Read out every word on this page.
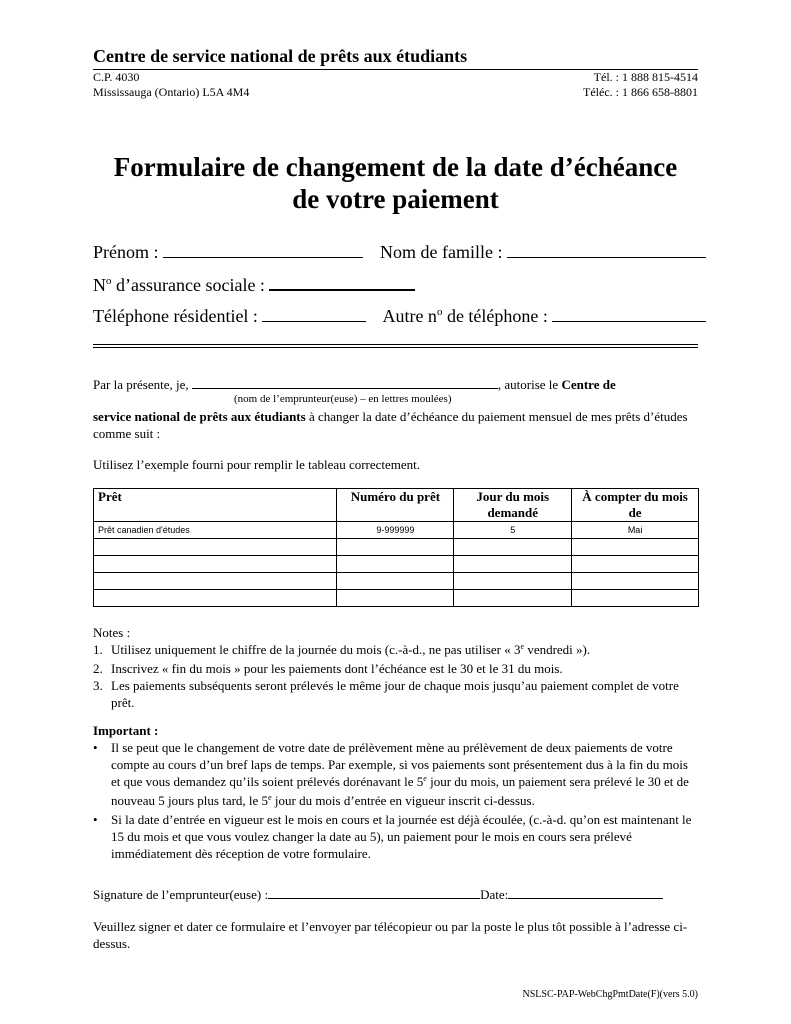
Centre de service national de prêts aux étudiants
C.P. 4030
Mississauga (Ontario) L5A 4M4
Tél. : 1 888 815-4514
Téléc. : 1 866 658-8801
Formulaire de changement de la date d’échéance
de votre paiement
Prénom :	Nom de famille :
$N^o$ d’assurance sociale :
Téléphone résidentiel :	Autre $n^o$ de téléphone :
Par la présente, je,	, autorise le Centre de
(nom de l’emprunteur(euse) – en lettres moulées)
service national de prêts aux étudiants à changer la date d’échéance du paiement mensuel de mes prêts d’études comme suit :
Utilisez l’exemple fourni pour remplir le tableau correctement.
Prêt	Numéro du prêt	Jour du mois demandé	À compter du mois de
Prêt canadien d'études	9-999999	5	Mai

Notes :
1. Utilisez uniquement le chiffre de la journée du mois (c.-à-d., ne pas utiliser « 3e vendredi »).
2. Inscrivez « fin du mois » pour les paiements dont l’échéance est le 30 et le 31 du mois.
3. Les paiements subséquents seront prélevés le même jour de chaque mois jusqu’au paiement complet de votre prêt.
Important :
• Il se peut que le changement de votre date de prélèvement mène au prélèvement de deux paiements de votre compte au cours d’un bref laps de temps. Par exemple, si vos paiements sont présentement dus à la fin du mois et que vous demandez qu’ils soient prélevés dorénavant le 5e jour du mois, un paiement sera prélevé le 30 et de nouveau 5 jours plus tard, le 5e jour du mois d’entrée en vigueur inscrit ci-dessus.
• Si la date d’entrée en vigueur est le mois en cours et la journée est déjà écoulée, (c.-à-d. qu’on est maintenant le 15 du mois et que vous voulez changer la date au 5), un paiement pour le mois en cours sera prélevé immédiatement dès réception de votre formulaire.
Signature de l’emprunteur(euse) :	Date:
Veuillez signer et dater ce formulaire et l’envoyer par télécopieur ou par la poste le plus tôt possible à l’adresse ci-dessus.
NSLSC-PAP-WebChgPmtDate(F)(vers 5.0)
